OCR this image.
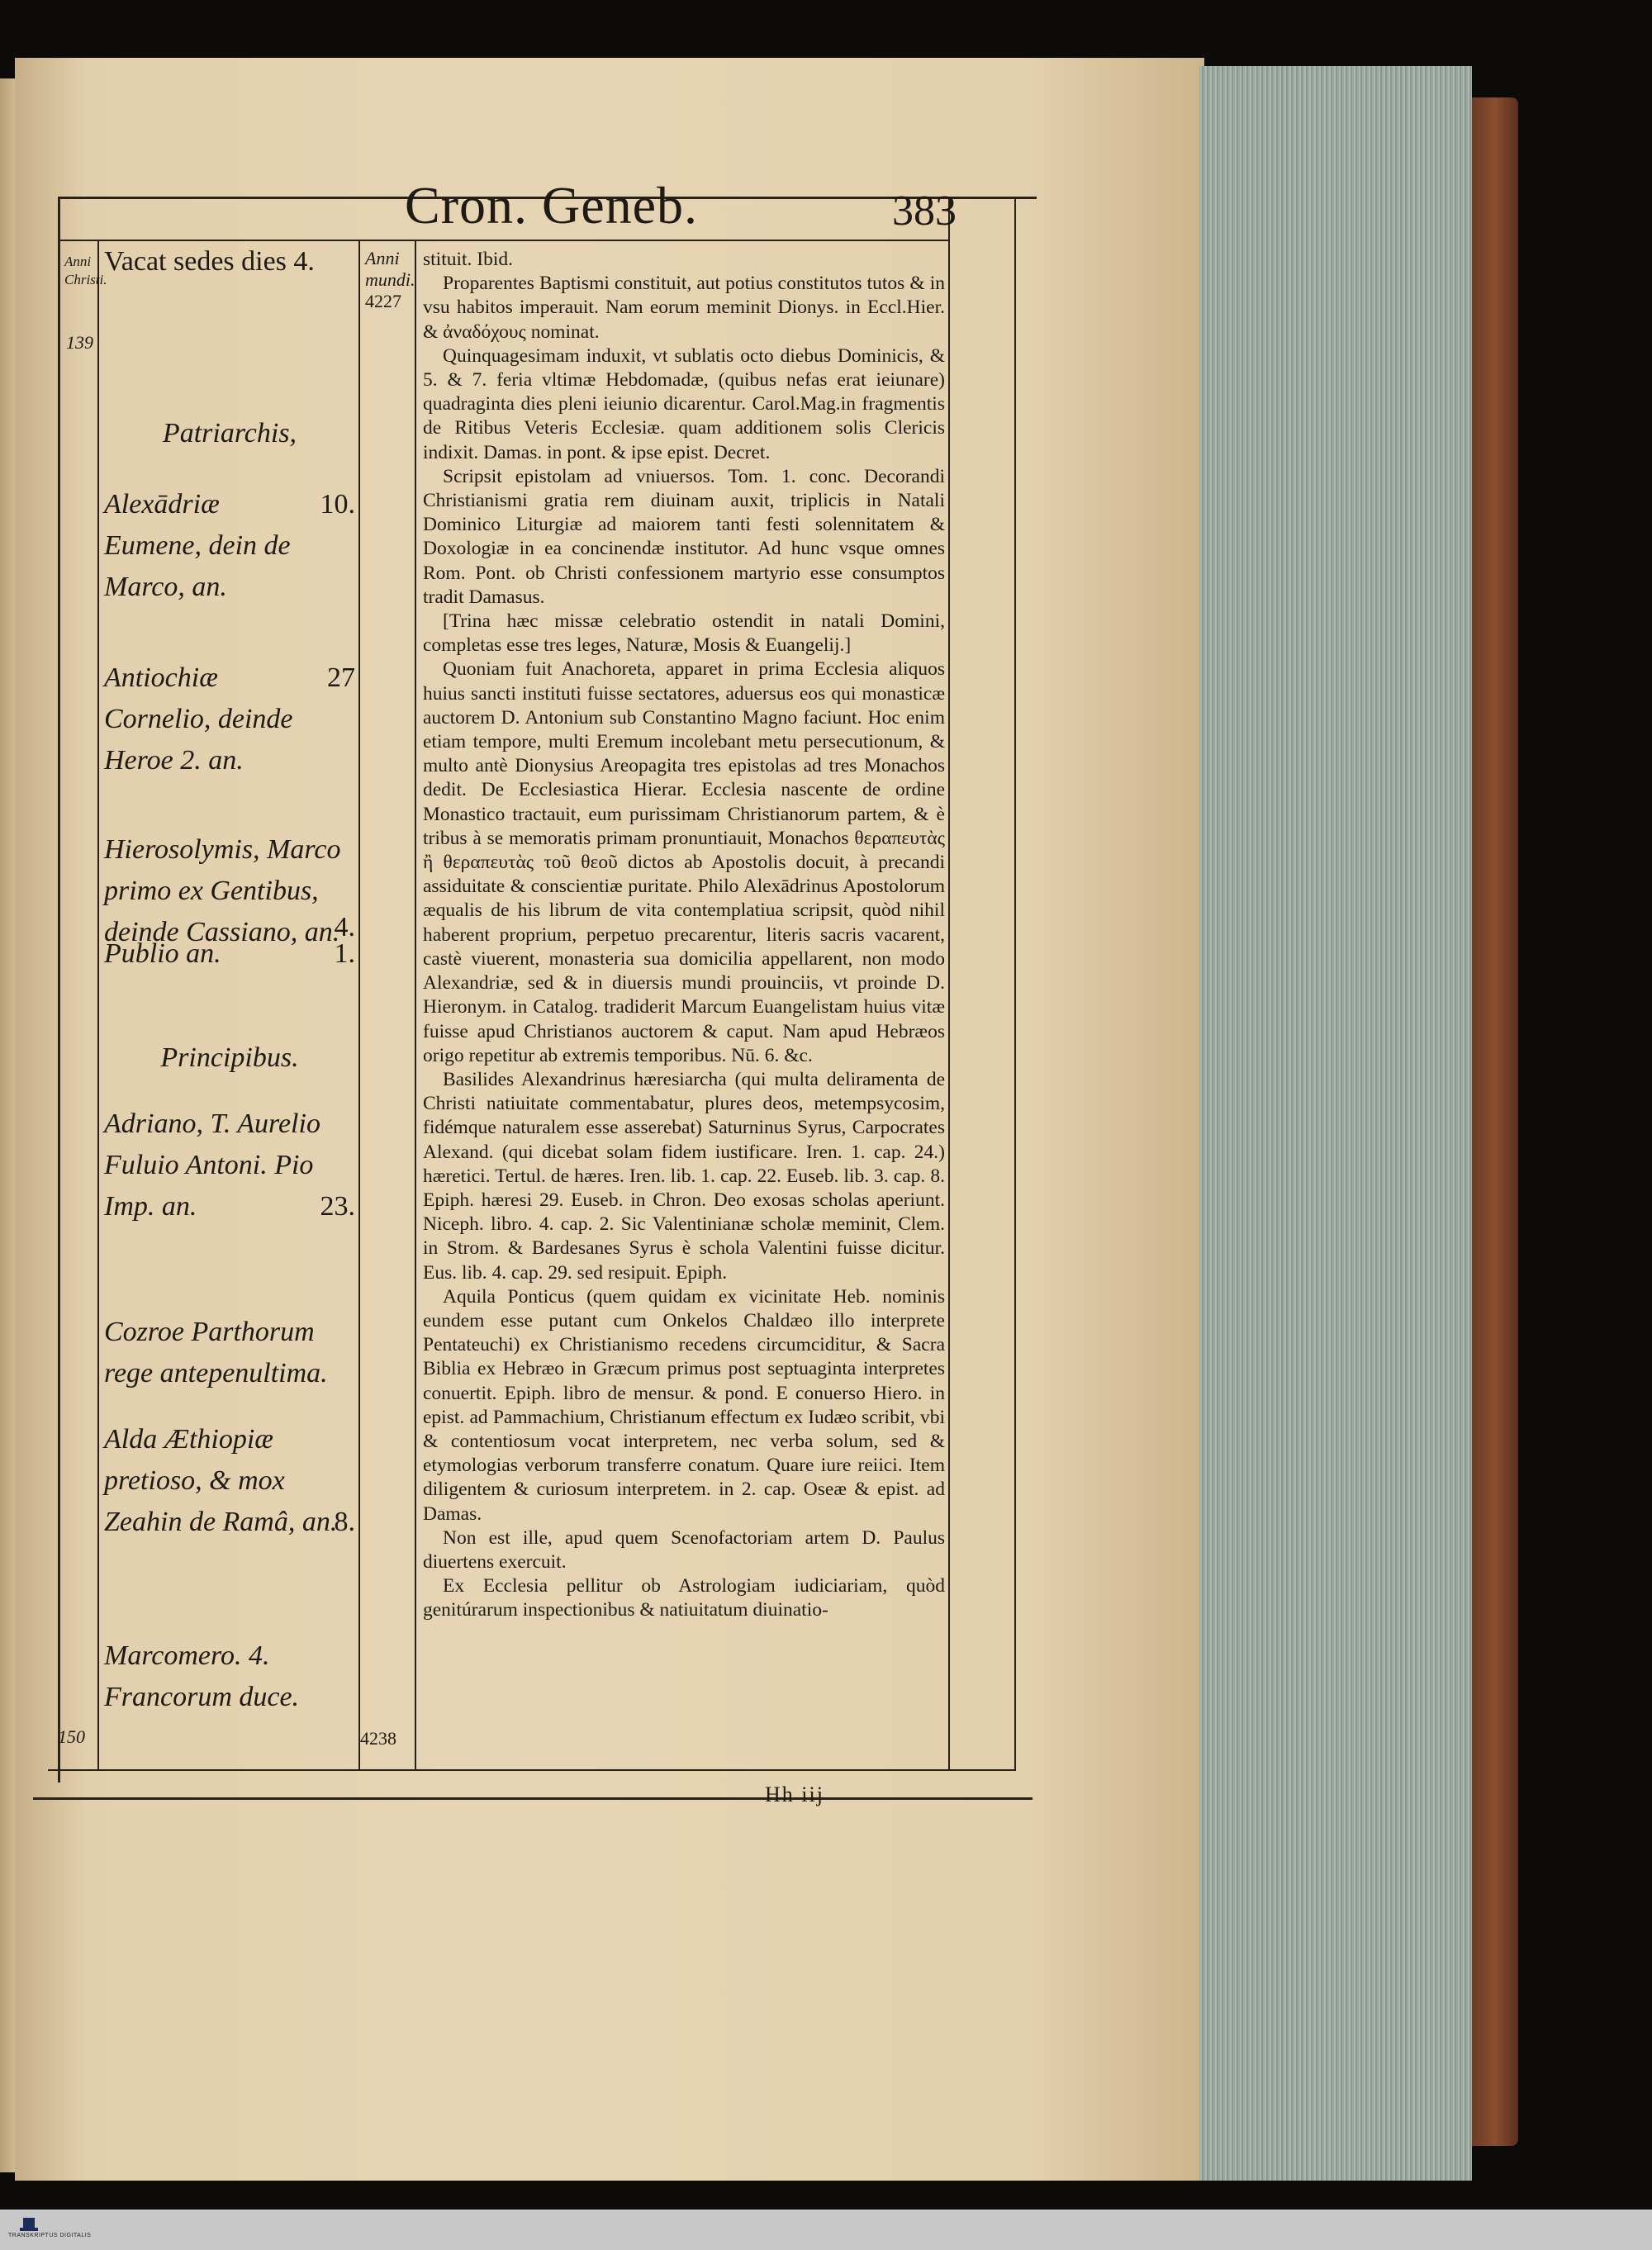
Cron. Geneb.	383
Anni Christi.
139
150
Vacat sedes dies 4.
Patriarchis,
10.
Alexādriæ Eumene, dein de Marco, an.
27
Antiochiæ Cornelio, deinde Heroe 2. an.
4.
Hierosolymis, Marco primo ex Gentibus, deinde Cassiano, an.
1.
Publio an.
Principibus.
23.
Adriano, T. Aurelio Fuluio Antoni. Pio Imp. an.
Cozroe Parthorum rege antepenultima.
8.
Alda Æthiopiæ pretioso, & mox Zeahin de Ramâ, an.
Marcomero. 4. Francorum duce.
Anni mundi.
4227
4238

stituit. Ibid.

Proparentes Baptismi constituit, aut potius constitutos tutos & in vsu habitos imperauit. Nam eorum meminit Dionys. in Eccl.Hier. & ἀναδόχους nominat.

Quinquagesimam induxit, vt sublatis octo diebus Dominicis, & 5. & 7. feria vltimæ Hebdomadæ, (quibus nefas erat ieiunare) quadraginta dies pleni ieiunio dicarentur. Carol.Mag.in fragmentis de Ritibus Veteris Ecclesiæ. quam additionem solis Clericis indixit. Damas. in pont. & ipse epist. Decret.

Scripsit epistolam ad vniuersos. Tom. 1. conc. Decorandi Christianismi gratia rem diuinam auxit, triplicis in Natali Dominico Liturgiæ ad maiorem tanti festi solennitatem & Doxologiæ in ea concinendæ institutor. Ad hunc vsque omnes Rom. Pont. ob Christi confessionem martyrio esse consumptos tradit Damasus.

[Trina hæc missæ celebratio ostendit in natali Domini, completas esse tres leges, Naturæ, Mosis & Euangelij.]

Quoniam fuit Anachoreta, apparet in prima Ecclesia aliquos huius sancti instituti fuisse sectatores, aduersus eos qui monasticæ auctorem D. Antonium sub Constantino Magno faciunt. Hoc enim etiam tempore, multi Eremum incolebant metu persecutionum, & multo antè Dionysius Areopagita tres epistolas ad tres Monachos dedit. De Ecclesiastica Hierar. Ecclesia nascente de ordine Monastico tractauit, eum purissimam Christianorum partem, & è tribus à se memoratis primam pronuntiauit, Monachos θεραπευτὰς ἢ θεραπευτὰς τοῦ θεοῦ dictos ab Apostolis docuit, à precandi assiduitate & conscientiæ puritate. Philo Alexādrinus Apostolorum æqualis de his librum de vita contemplatiua scripsit, quòd nihil haberent proprium, perpetuo precarentur, literis sacris vacarent, castè viuerent, monasteria sua domicilia appellarent, non modo Alexandriæ, sed & in diuersis mundi prouinciis, vt proinde D. Hieronym. in Catalog. tradiderit Marcum Euangelistam huius vitæ fuisse apud Christianos auctorem & caput. Nam apud Hebræos origo repetitur ab extremis temporibus. Nū. 6. &c.

Basilides Alexandrinus hæresiarcha (qui multa deliramenta de Christi natiuitate commentabatur, plures deos, metempsycosim, fidémque naturalem esse asserebat) Saturninus Syrus, Carpocrates Alexand. (qui dicebat solam fidem iustificare. Iren. 1. cap. 24.) hæretici. Tertul. de hæres. Iren. lib. 1. cap. 22. Euseb. lib. 3. cap. 8. Epiph. hæresi 29. Euseb. in Chron. Deo exosas scholas aperiunt. Niceph. libro. 4. cap. 2. Sic Valentinianæ scholæ meminit, Clem. in Strom. & Bardesanes Syrus è schola Valentini fuisse dicitur. Eus. lib. 4. cap. 29. sed resipuit. Epiph.

Aquila Ponticus (quem quidam ex vicinitate Heb. nominis eundem esse putant cum Onkelos Chaldæo illo interprete Pentateuchi) ex Christianismo recedens circumciditur, & Sacra Biblia ex Hebræo in Græcum primus post septuaginta interpretes conuertit. Epiph. libro de mensur. & pond. E conuerso Hiero. in epist. ad Pammachium, Christianum effectum ex Iudæo scribit, vbi & contentiosum vocat interpretem, nec verba solum, sed & etymologias verborum transferre conatum. Quare iure reiici. Item diligentem & curiosum interpretem. in 2. cap. Oseæ & epist. ad Damas.

Non est ille, apud quem Scenofactoriam artem D. Paulus diuertens exercuit.

Ex Ecclesia pellitur ob Astrologiam iudiciariam, quòd genitúrarum inspectionibus & natiuitatum diuinatio-

Hh iij
TRANSKRIPTUS DIGITALIS
